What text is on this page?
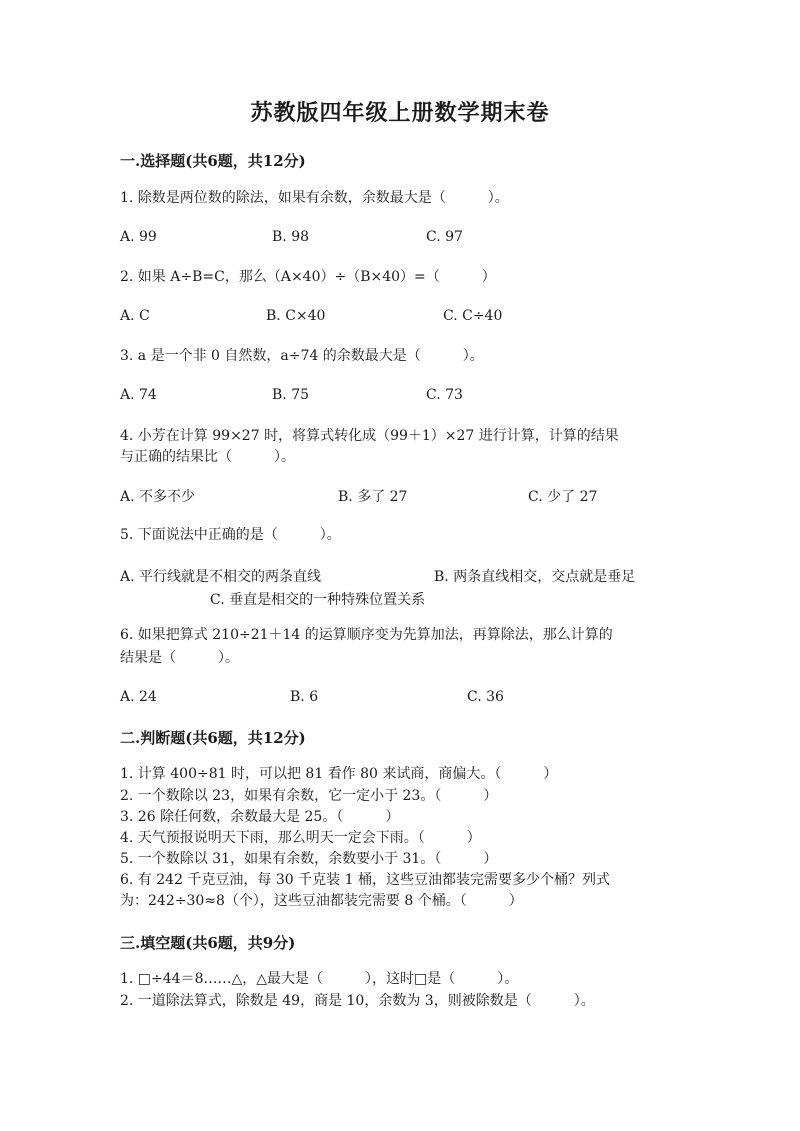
苏教版四年级上册数学期末卷
一.选择题(共6题，共12分)
1. 除数是两位数的除法，如果有余数，余数最大是（　　　）。
A. 99	B. 98	C. 97
2. 如果 A÷B=C，那么（A×40）÷（B×40）=（　　　）
A. C	B. C×40	C. C÷40
3. a 是一个非 0 自然数，a÷74 的余数最大是（　　　）。
A. 74	B. 75	C. 73
4. 小芳在计算 99×27 时，将算式转化成（99＋1）×27 进行计算，计算的结果
与正确的结果比（　　　）。
A. 不多不少	B. 多了 27	C. 少了 27
5. 下面说法中正确的是（　　　）。
A. 平行线就是不相交的两条直线	B. 两条直线相交，交点就是垂足
C. 垂直是相交的一种特殊位置关系
6. 如果把算式 210÷21＋14 的运算顺序变为先算加法，再算除法，那么计算的
结果是（　　　）。
A. 24	B. 6	C. 36
二.判断题(共6题，共12分)
1. 计算 400÷81 时，可以把 81 看作 80 来试商，商偏大。（　　　）
2. 一个数除以 23，如果有余数，它一定小于 23。（　　　）
3. 26 除任何数，余数最大是 25。（　　　）
4. 天气预报说明天下雨，那么明天一定会下雨。（　　　）
5. 一个数除以 31，如果有余数，余数要小于 31。（　　　）
6. 有 242 千克豆油，每 30 千克装 1 桶，这些豆油都装完需要多少个桶？列式
为：242÷30≈8（个），这些豆油都装完需要 8 个桶。（　　　）
三.填空题(共6题，共9分)
1. □÷44＝8……△，△最大是（　　　），这时□是（　　　）。
2. 一道除法算式，除数是 49，商是 10，余数为 3，则被除数是（　　　）。
